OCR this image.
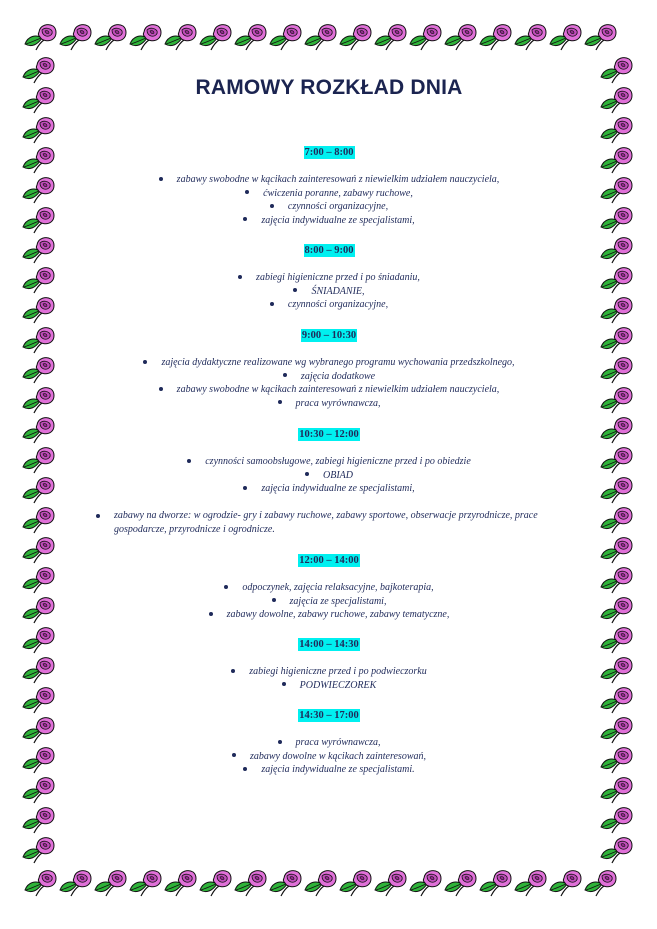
RAMOWY ROZKŁAD DNIA
7:00 – 8:00
zabawy swobodne w kącikach zainteresowań z niewielkim udziałem nauczyciela,
ćwiczenia poranne, zabawy ruchowe,
czynności organizacyjne,
zajęcia indywidualne ze specjalistami,
8:00 – 9:00
zabiegi higieniczne przed i po śniadaniu,
ŚNIADANIE,
czynności organizacyjne,
9:00 – 10:30
zajęcia dydaktyczne realizowane wg wybranego programu wychowania przedszkolnego,
zajęcia dodatkowe
zabawy swobodne w kącikach zainteresowań z niewielkim udziałem nauczyciela,
praca wyrównawcza,
10:30 – 12:00
czynności samoobsługowe, zabiegi higieniczne przed i po obiedzie
OBIAD
zajęcia indywidualne ze specjalistami,
zabawy na dworze: w ogrodzie- gry i zabawy ruchowe, zabawy sportowe, obserwacje przyrodnicze, prace gospodarcze, przyrodnicze i ogrodnicze.
12:00 – 14:00
odpoczynek, zajęcia relaksacyjne, bajkoterapia,
zajęcia ze specjalistami,
zabawy dowolne, zabawy ruchowe, zabawy tematyczne,
14:00 – 14:30
zabiegi higieniczne przed i po podwieczorku
PODWIECZOREK
14:30 – 17:00
praca wyrównawcza,
zabawy dowolne w kącikach zainteresowań,
zajęcia indywidualne ze specjalistami.
